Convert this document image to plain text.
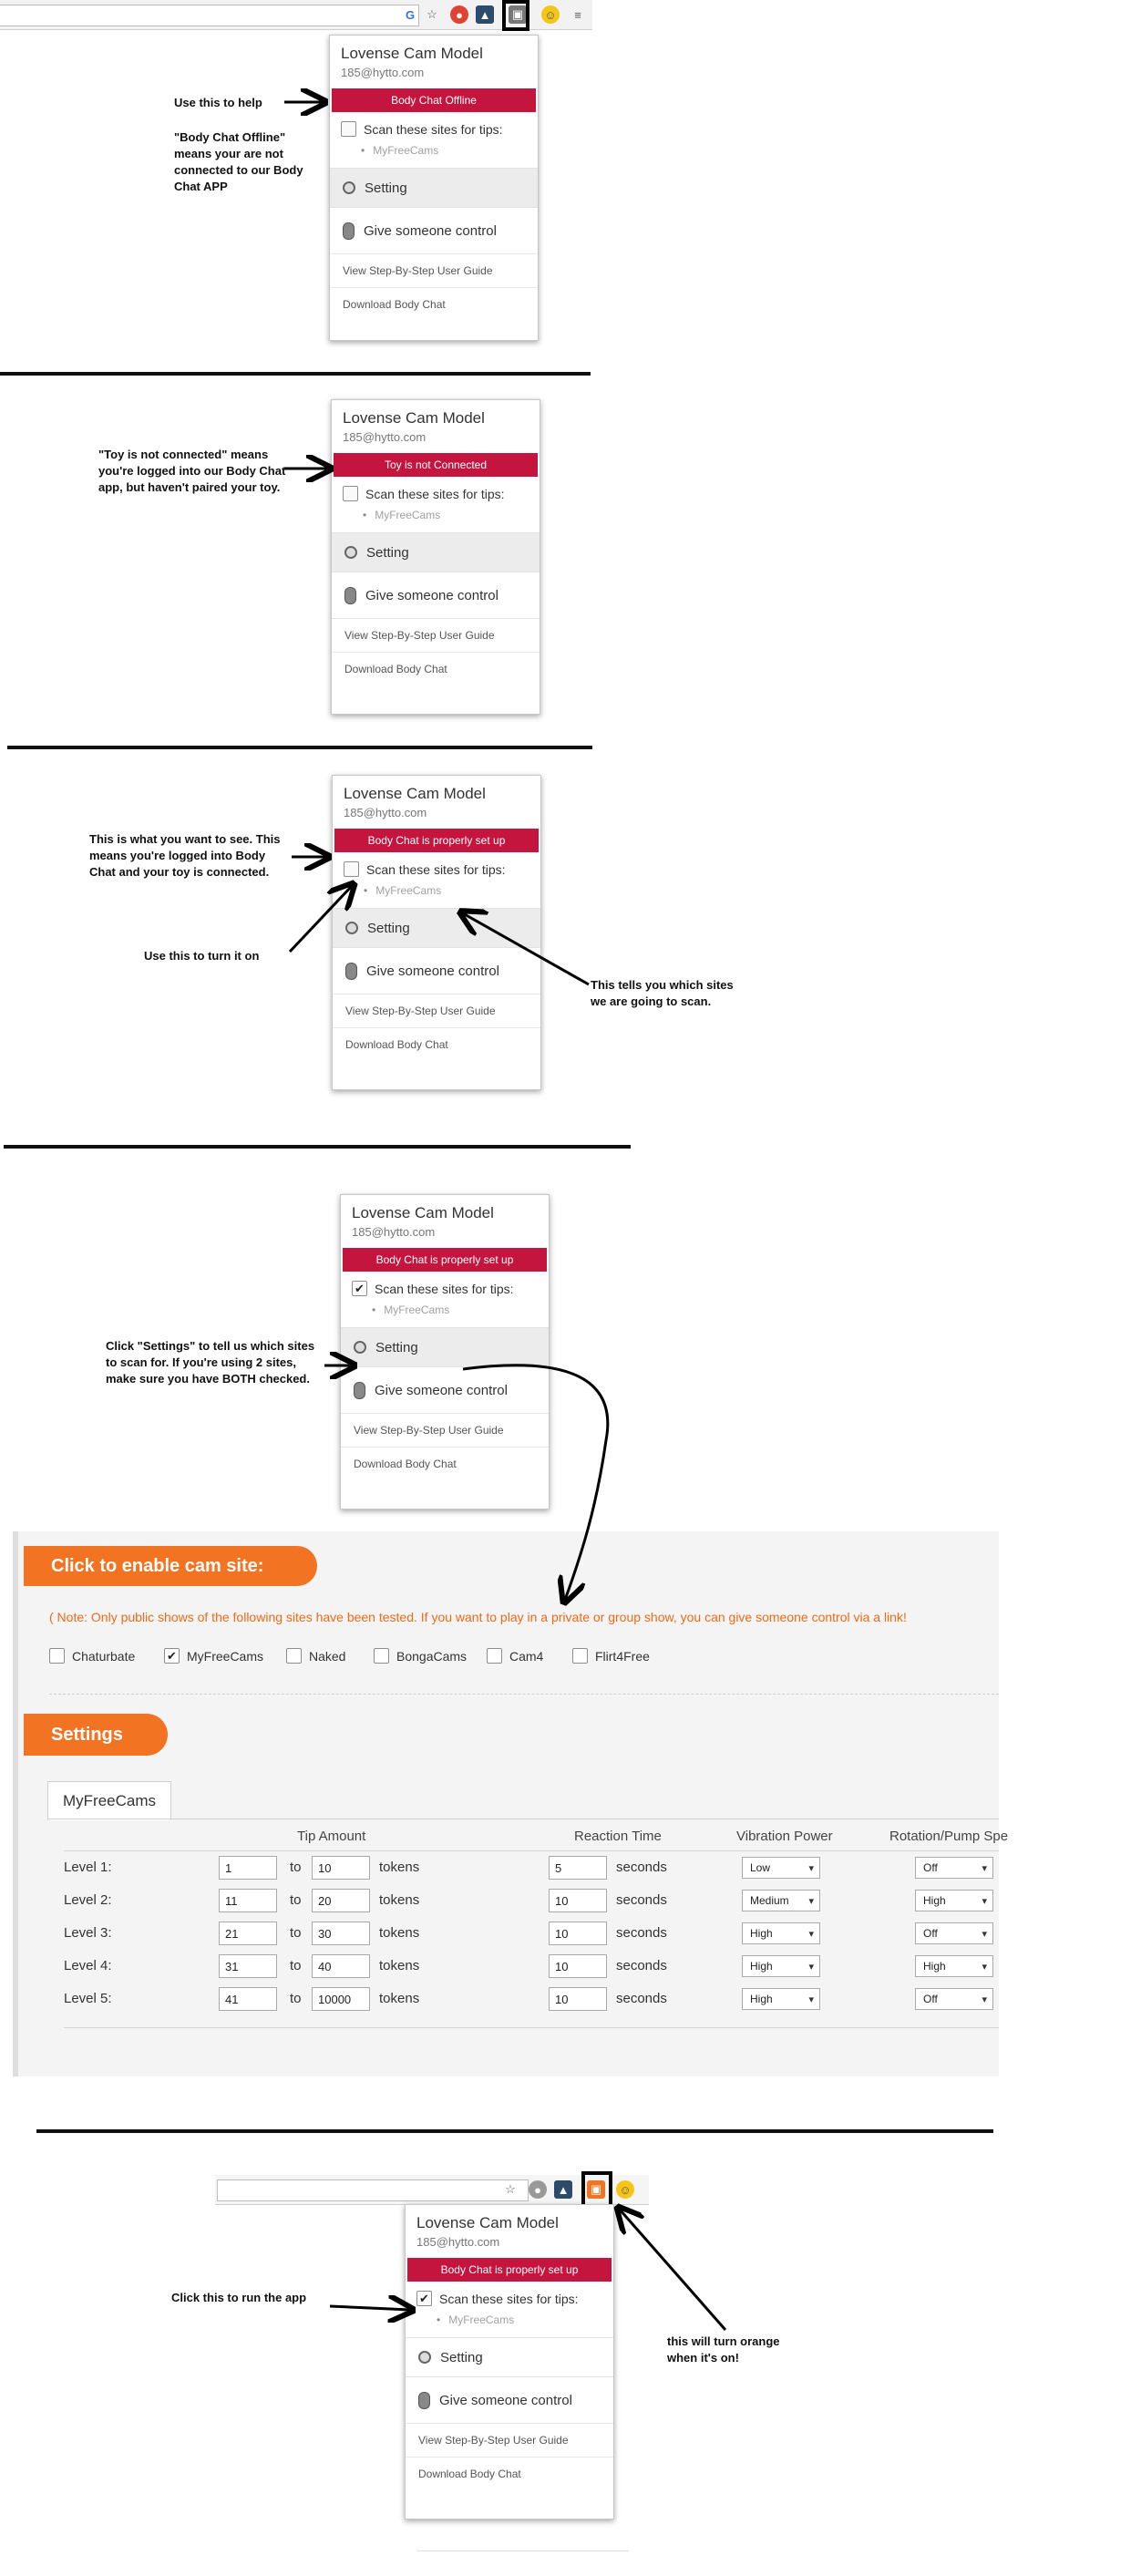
G	☆	●	▲ ▣ ☺	≡
Lovense Cam Model
185@hytto.com
Body Chat Offline
Scan these sites for tips:
• MyFreeCams
Setting
Give someone control
View Step-By-Step User Guide
Download Body Chat
Use this to help
"Body Chat Offline" means your are not connected to our Body Chat APP
Lovense Cam Model
185@hytto.com
Toy is not Connected
Scan these sites for tips:
• MyFreeCams
Setting
Give someone control
View Step-By-Step User Guide
Download Body Chat
"Toy is not connected" means you're logged into our Body Chat app, but haven't paired your toy.
Lovense Cam Model
185@hytto.com
Body Chat is properly set up
Scan these sites for tips:
• MyFreeCams
Setting
Give someone control
View Step-By-Step User Guide
Download Body Chat
This is what you want to see. This means you're logged into Body Chat and your toy is connected.
Use this to turn it on
This tells you which sites we are going to scan.
Lovense Cam Model
185@hytto.com
Body Chat is properly set up
✔ Scan these sites for tips:
• MyFreeCams
Setting
Give someone control
View Step-By-Step User Guide
Download Body Chat
Click "Settings" to tell us which sites to scan for. If you're using 2 sites, make sure you have BOTH checked.
Click to enable cam site:
( Note: Only public shows of the following sites have been tested. If you want to play in a private or group show, you can give someone control via a link!
Chaturbate	✔ MyFreeCams	Naked	BongaCams	Cam4	Flirt4Free
Settings
MyFreeCams
Tip Amount	Reaction Time	Vibration Power	Rotation/Pump Spe
Level 1:	1	to	10	tokens	5	seconds	Low ▾	Off ▾
Level 2:	11	to	20	tokens	10	seconds	Medium ▾	High ▾
Level 3:	21	to	30	tokens	10	seconds	High ▾	Off ▾
Level 4:	31	to	40	tokens	10	seconds	High ▾	High ▾
Level 5:	41	to	10000	tokens	10	seconds	High ▾	Off ▾
☆	●	▲ ▣ ☺
Lovense Cam Model
185@hytto.com
Body Chat is properly set up
✔ Scan these sites for tips:
• MyFreeCams
Setting
Give someone control
View Step-By-Step User Guide
Download Body Chat
Click this to run the app
this will turn orange when it's on!
